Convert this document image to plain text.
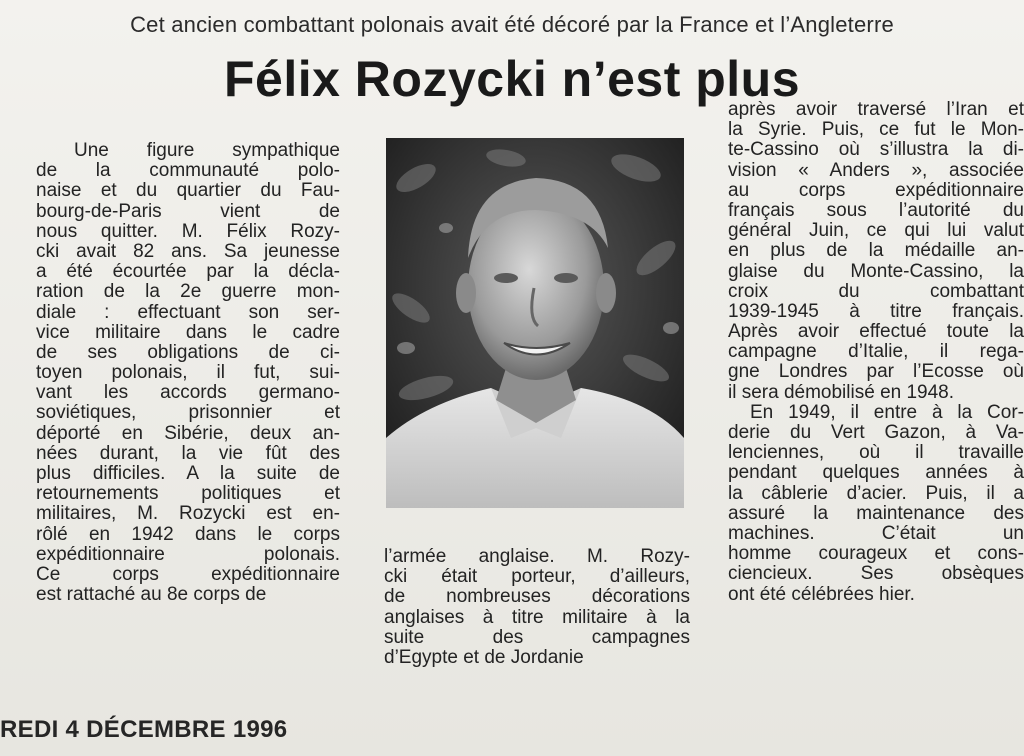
Cet ancien combattant polonais avait été décoré par la France et l’Angleterre
Félix Rozycki n’est plus
Une figure sympathique
de la communauté polo-
naise et du quartier du Fau-
bourg-de-Paris vient de
nous quitter. M. Félix Rozy-
cki avait 82 ans. Sa jeunesse
a été écourtée par la décla-
ration de la 2e guerre mon-
diale : effectuant son ser-
vice militaire dans le cadre
de ses obligations de ci-
toyen polonais, il fut, sui-
vant les accords germano-
soviétiques, prisonnier et
déporté en Sibérie, deux an-
nées durant, la vie fût des
plus difficiles. A la suite de
retournements politiques et
militaires, M. Rozycki est en-
rôlé en 1942 dans le corps
expéditionnaire polonais.
Ce corps expéditionnaire
est rattaché au 8e corps de
l’armée anglaise. M. Rozy-
cki était porteur, d’ailleurs,
de nombreuses décorations
anglaises à titre militaire à la
suite des campagnes
d’Egypte et de Jordanie
après avoir traversé l’Iran et
la Syrie. Puis, ce fut le Mon-
te-Cassino où s’illustra la di-
vision « Anders », associée
au corps expéditionnaire
français sous l’autorité du
général Juin, ce qui lui valut
en plus de la médaille an-
glaise du Monte-Cassino, la
croix du combattant
1939-1945 à titre français.
Après avoir effectué toute la
campagne d’Italie, il rega-
gne Londres par l’Ecosse où
il sera démobilisé en 1948.
En 1949, il entre à la Cor-
derie du Vert Gazon, à Va-
lenciennes, où il travaille
pendant quelques années à
la câblerie d’acier. Puis, il a
assuré la maintenance des
machines. C’était un
homme courageux et cons-
ciencieux. Ses obsèques
ont été célébrées hier.
REDI 4 DÉCEMBRE 1996
